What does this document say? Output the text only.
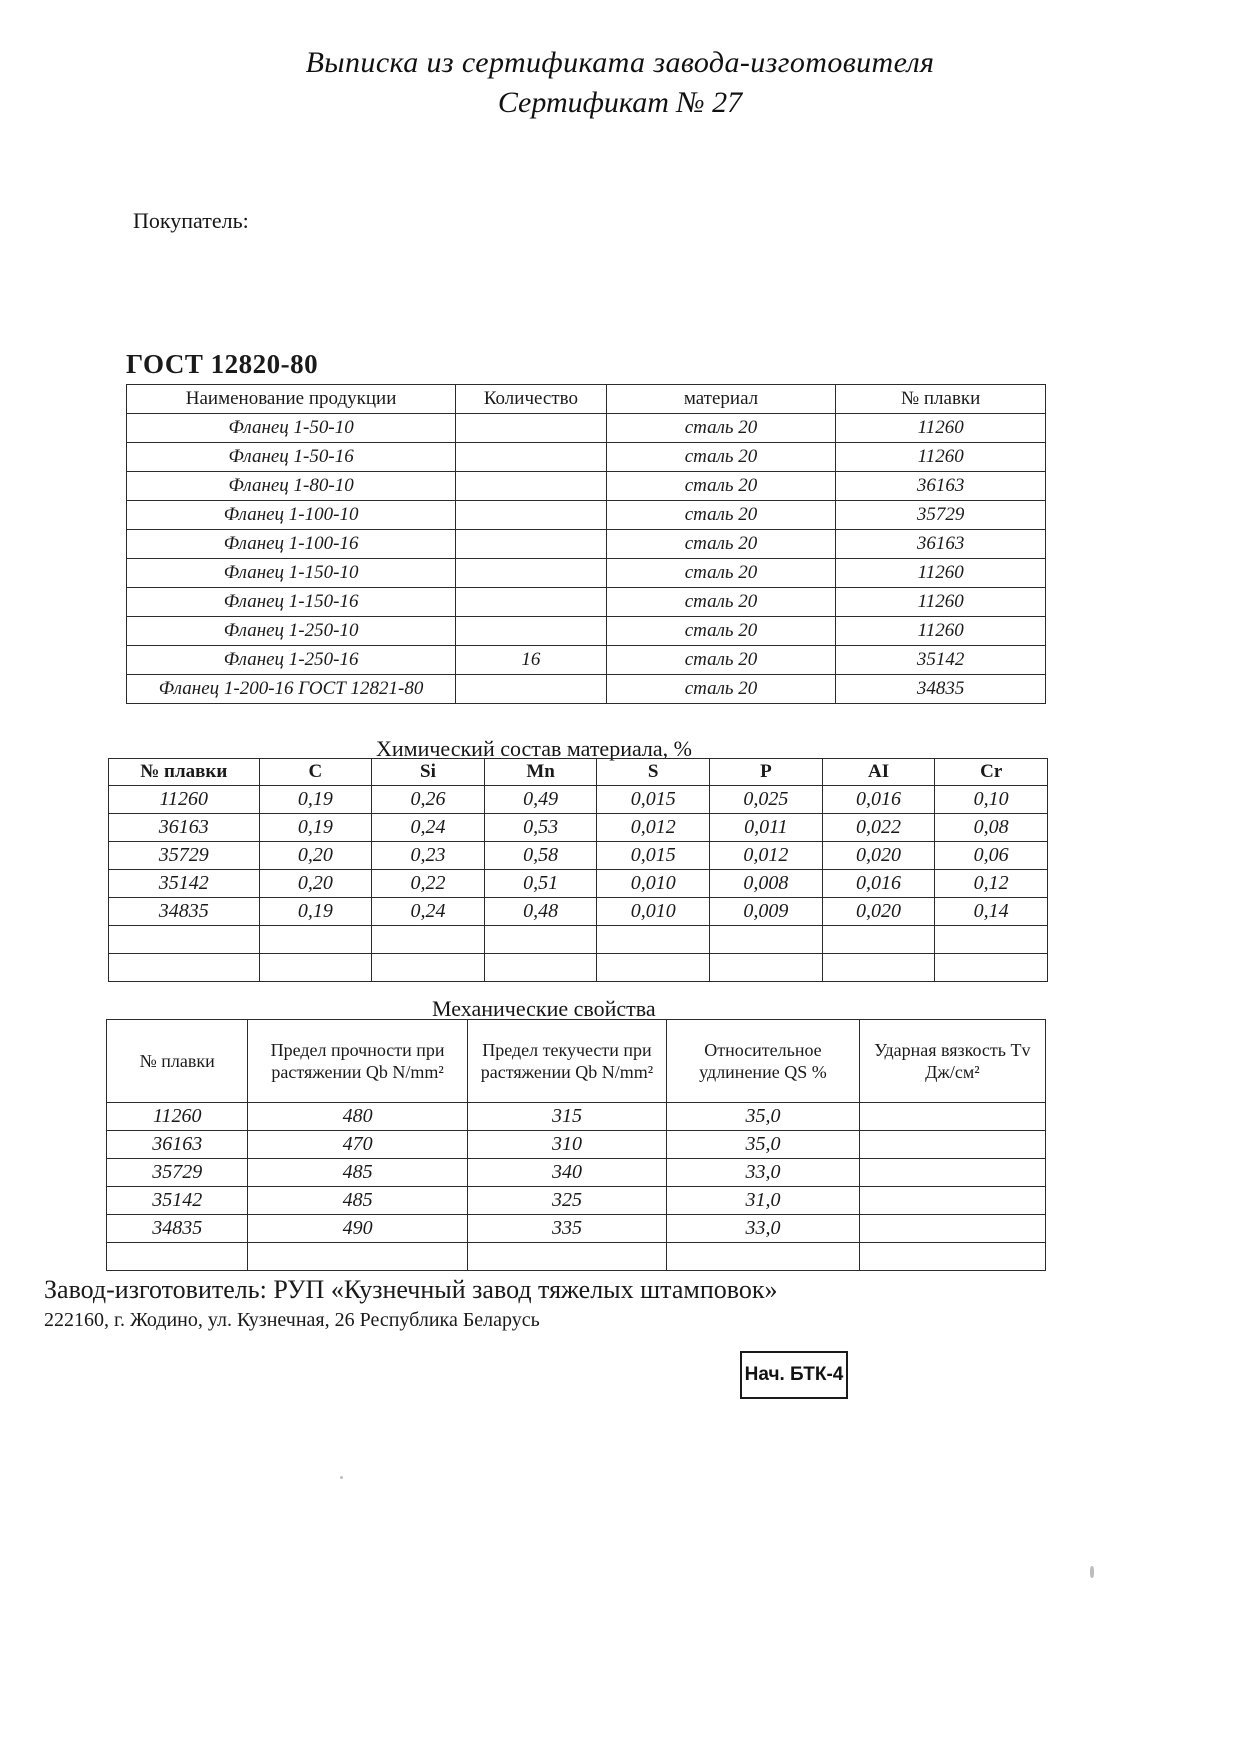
Выписка из сертификата завода-изготовителя
Сертификат № 27
Покупатель:
ГОСТ 12820-80
Наименование продукции	Количество	материал	№ плавки
Фланец 1-50-10		сталь 20	11260
Фланец 1-50-16		сталь 20	11260
Фланец 1-80-10		сталь 20	36163
Фланец 1-100-10		сталь 20	35729
Фланец 1-100-16		сталь 20	36163
Фланец 1-150-10		сталь 20	11260
Фланец 1-150-16		сталь 20	11260
Фланец 1-250-10		сталь 20	11260
Фланец 1-250-16	16	сталь 20	35142
Фланец 1-200-16 ГОСТ 12821-80		сталь 20	34835
Химический состав материала, %
№ плавки	C	Si	Mn	S	P	AI	Cr
11260	0,19	0,26	0,49	0,015	0,025	0,016	0,10
36163	0,19	0,24	0,53	0,012	0,011	0,022	0,08
35729	0,20	0,23	0,58	0,015	0,012	0,020	0,06
35142	0,20	0,22	0,51	0,010	0,008	0,016	0,12
34835	0,19	0,24	0,48	0,010	0,009	0,020	0,14

Механические свойства
№ плавки	Предел прочности при растяжении Qb N/mm²	Предел текучести при растяжении Qb N/mm²	Относительное удлинение QS %	Ударная вязкость Тv Дж/см²
11260	480	315	35,0	
36163	470	310	35,0	
35729	485	340	33,0	
35142	485	325	31,0	
34835	490	335	33,0	

Завод-изготовитель: РУП «Кузнечный завод тяжелых штамповок»
222160, г. Жодино, ул. Кузнечная, 26 Республика Беларусь
Нач. БТК-4
